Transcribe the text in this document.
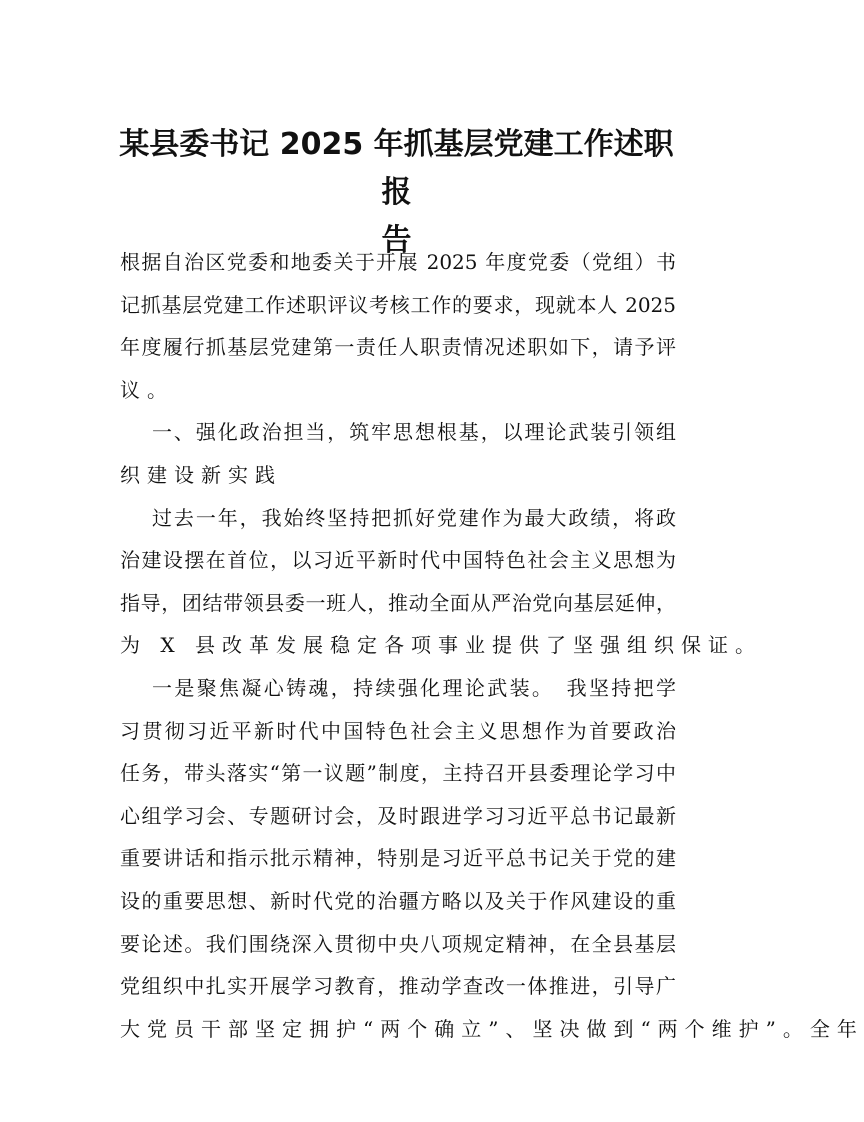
某县委书记 2025 年抓基层党建工作述职报
告
根据自治区党委和地委关于开展 2025 年度党委（党组）书
记抓基层党建工作述职评议考核工作的要求，现就本人 2025
年度履行抓基层党建第一责任人职责情况述职如下，请予评
议。
一、强化政治担当，筑牢思想根基，以理论武装引领组
织建设新实践
过去一年，我始终坚持把抓好党建作为最大政绩，将政
治建设摆在首位，以习近平新时代中国特色社会主义思想为
指导，团结带领县委一班人，推动全面从严治党向基层延伸，
为 X 县改革发展稳定各项事业提供了坚强组织保证。
一是聚焦凝心铸魂，持续强化理论武装。　我坚持把学
习贯彻习近平新时代中国特色社会主义思想作为首要政治
任务，带头落实“第一议题”制度，主持召开县委理论学习中
心组学习会、专题研讨会，及时跟进学习习近平总书记最新
重要讲话和指示批示精神，特别是习近平总书记关于党的建
设的重要思想、新时代党的治疆方略以及关于作风建设的重
要论述。我们围绕深入贯彻中央八项规定精神，在全县基层
党组织中扎实开展学习教育，推动学查改一体推进，引导广
大党员干部坚定拥护“两个确立”、坚决做到“两个维护”。全年
